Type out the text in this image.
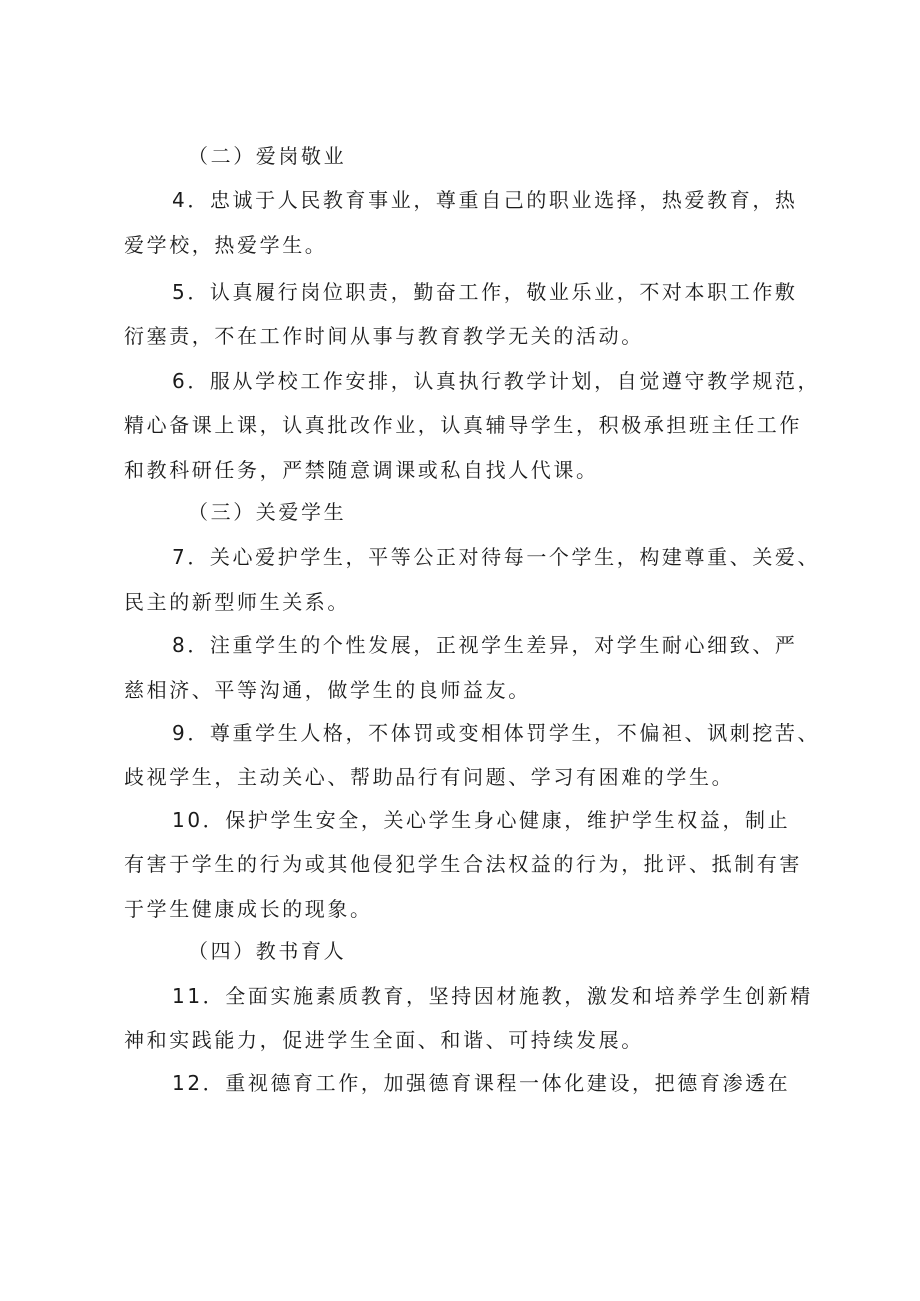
（二）爱岗敬业
4．忠诚于人民教育事业，尊重自己的职业选择，热爱教育，热
爱学校，热爱学生。
5．认真履行岗位职责，勤奋工作，敬业乐业，不对本职工作敷
衍塞责，不在工作时间从事与教育教学无关的活动。
6．服从学校工作安排，认真执行教学计划，自觉遵守教学规范，
精心备课上课，认真批改作业，认真辅导学生，积极承担班主任工作
和教科研任务，严禁随意调课或私自找人代课。
（三）关爱学生
7．关心爱护学生，平等公正对待每一个学生，构建尊重、关爱、
民主的新型师生关系。
8．注重学生的个性发展，正视学生差异，对学生耐心细致、严
慈相济、平等沟通，做学生的良师益友。
9．尊重学生人格，不体罚或变相体罚学生，不偏袒、讽刺挖苦、
歧视学生，主动关心、帮助品行有问题、学习有困难的学生。
10．保护学生安全，关心学生身心健康，维护学生权益，制止
有害于学生的行为或其他侵犯学生合法权益的行为，批评、抵制有害
于学生健康成长的现象。
（四）教书育人
11．全面实施素质教育，坚持因材施教，激发和培养学生创新精
神和实践能力，促进学生全面、和谐、可持续发展。
12．重视德育工作，加强德育课程一体化建设，把德育渗透在
